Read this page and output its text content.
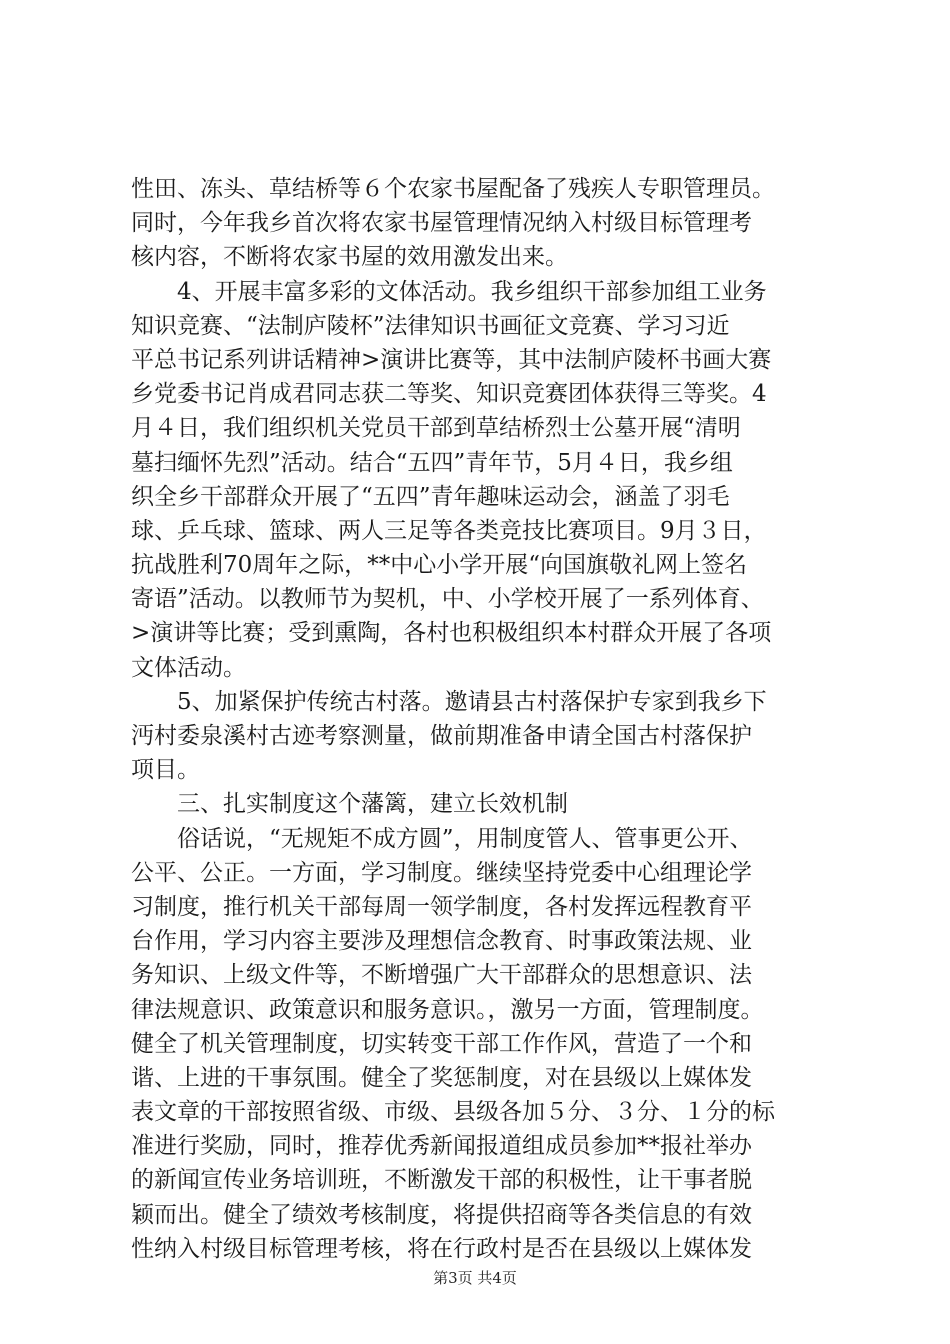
性田、冻头、草结桥等６个农家书屋配备了残疾人专职管理员。
同时，今年我乡首次将农家书屋管理情况纳入村级目标管理考
核内容，不断将农家书屋的效用激发出来。
4、开展丰富多彩的文体活动。我乡组织干部参加组工业务
知识竞赛、“法制庐陵杯”法律知识书画征文竞赛、学习习近
平总书记系列讲话精神>演讲比赛等，其中法制庐陵杯书画大赛
乡党委书记肖成君同志获二等奖、知识竞赛团体获得三等奖。4
月４日，我们组织机关党员干部到草结桥烈士公墓开展“清明
墓扫缅怀先烈”活动。结合“五四”青年节，5月４日，我乡组
织全乡干部群众开展了“五四”青年趣味运动会，涵盖了羽毛
球、乒乓球、篮球、两人三足等各类竞技比赛项目。9月３日，
抗战胜利70周年之际，**中心小学开展“向国旗敬礼网上签名
寄语”活动。以教师节为契机，中、小学校开展了一系列体育、
>演讲等比赛；受到熏陶，各村也积极组织本村群众开展了各项
文体活动。
5、加紧保护传统古村落。邀请县古村落保护专家到我乡下
沔村委泉溪村古迹考察测量，做前期准备申请全国古村落保护
项目。
三、扎实制度这个藩篱，建立长效机制
俗话说，“无规矩不成方圆”，用制度管人、管事更公开、
公平、公正。一方面，学习制度。继续坚持党委中心组理论学
习制度，推行机关干部每周一领学制度，各村发挥远程教育平
台作用，学习内容主要涉及理想信念教育、时事政策法规、业
务知识、上级文件等，不断增强广大干部群众的思想意识、法
律法规意识、政策意识和服务意识。，激另一方面，管理制度。
健全了机关管理制度，切实转变干部工作作风，营造了一个和
谐、上进的干事氛围。健全了奖惩制度，对在县级以上媒体发
表文章的干部按照省级、市级、县级各加５分、３分、１分的标
准进行奖励，同时，推荐优秀新闻报道组成员参加**报社举办
的新闻宣传业务培训班，不断激发干部的积极性，让干事者脱
颖而出。健全了绩效考核制度，将提供招商等各类信息的有效
性纳入村级目标管理考核，将在行政村是否在县级以上媒体发
第3页 共4页
